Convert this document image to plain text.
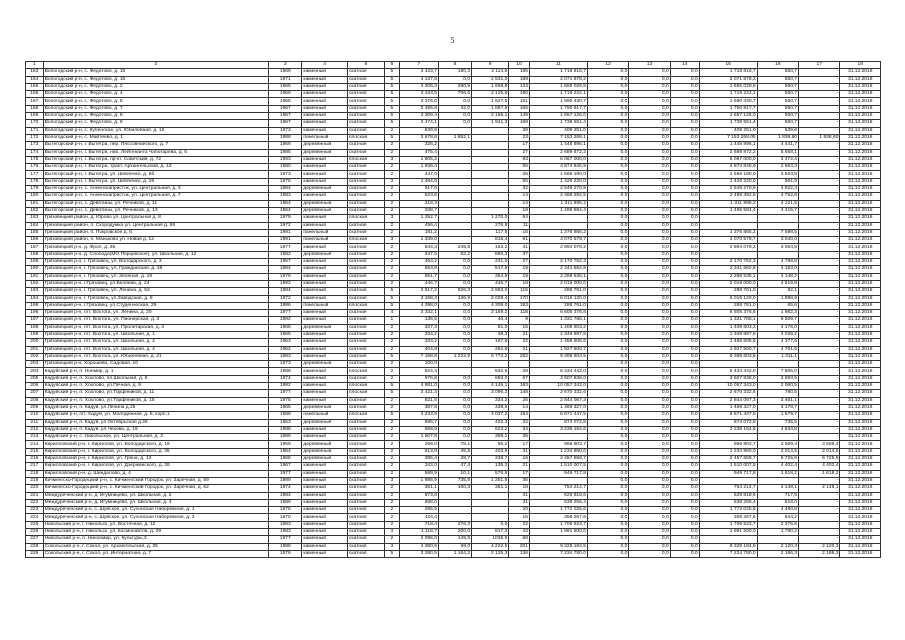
5
1	2	3	4	5	6	7	8	9	10	11	12	13	14	15	16	17	18
163	Вологодский р-н, с. Федотово, д. 15	1969	каменный	скатная	5	3 423,7	180,3	2 114,8	195	1 718 816,7	0,0	0,0	0,0	1 718 816,7	550,7	-	31.12.2016
164	Вологодский р-н, с. Федотово, д. 16	1971	каменный	скатная	5	4 137,8	0,0	2 531,0	189	2 071 878,2	0,0	0,0	0,0	2 071 878,2	550,7	-	31.12.2016
165	Вологодский р-н, с. Федотово, д. 2	1965	каменный	скатная	5	3 305,3	280,9	1 658,8	134	1 655 029,8	0,0	0,0	0,0	1 655 029,8	550,7	-	31.12.2016
166	Вологодский р-н, с. Федотово, д. 4	1969	каменный	скатная	5	3 433,5	706,6	2 125,8	180	1 719 222,1	0,0	0,0	0,0	1 719 222,1	550,7	-	31.12.2016
167	Вологодский р-н, с. Федотово, д. 5	1965	каменный	скатная	5	3 376,0	0,0	1 627,5	151	1 690 430,7	0,0	0,0	0,0	1 690 430,7	550,7	-	31.12.2016
168	Вологодский р-н, с. Федотово, д. 7	1967	каменный	скатная	5	3 496,8	42,0	1 867,8	165	1 750 917,7	0,0	0,0	0,0	1 750 917,7	550,7	-	31.12.2016
169	Вологодский р-н, с. Федотово, д. 8	1967	каменный	скатная	5	3 309,4	0,0	2 166,1	149	1 657 126,0	0,0	0,0	0,0	1 657 126,0	550,7	-	31.12.2016
170	Вологодский р-н, с. Федотово, д. 9	1967	каменный	скатная	5	3 474,1	0,0	1 941,3	169	1 739 551,4	0,0	0,0	0,0	1 739 551,4	550,7	-	31.12.2016
171	Вологодский р-н, с. Кубенское, ул. Юбилейная, д. 15	1973	каменный	скатная	2	639,9			38	409 251,0	0,0	0,0	0,0	409 251,0	639,6	-	31.12.2016
172	Вологодский р-н, с. Майтеево, д. 1	1988	панельный	плоская	5	3 678,6	1 852,1		23	7 153 268,1	0,0	0,0	0,0	7 153 268,05	1 838,60	1 838,60	31.12.2016
173	Вытегорский р-н, г. Вытегра, пер. Пяссовнаеского, д. 7	1969	деревянный	скатная	2	326,2			17	1 448 896,1	0,0	0,0	0,0	1 448 896,1	4 441,7	-	31.12.2016
174	Вытегорский р-н, г. Вытегра, наб. Лейтенанта Чаботарева, д. 5	1985	деревянный	скатная	2	475,4			27	2 689 872,2	0,0	0,0	0,0	2 689 872,2	5 658,1	-	31.12.2016
175	Вытегорский р-н, г. Вытегра, пр-кт. Советский, д. 72	1983	каменный	плоская	3	1 805,2			83	6 087 000,0	0,0	0,0	0,0	6 087 000,0	3 372,4	-	31.12.2016
176	Вытегорский р-н, г. Вытегра, тракт. Архангельский, д. 13	1980	каменный	скатная	2	1 836,4			55	4 874 845,9	0,0	0,0	0,0	4 874 845,9	2 663,3	-	31.12.2016
177	Вытегорский р-н, г. Вытегра, ул. Шевченко, д. 8б	1973	каменный	скатная	2	447,0			25	1 566 180,0	0,0	0,0	0,0	1 566 180,0	3 503,8	-	31.12.2016
178	Вытегорский р-н, г. Вытегра, ул. Шевченко, д. 26	1975	каменный	скатная	3	1 484,6			55	1 426 220,0	0,0	0,0	0,0	1 426 220,0	961,9	-	31.12.2016
179	Вытегорский р-н, с. Анненскапристок, ул. Центральная, д. 3	1984	деревянный	скатная	2	517,6			32	2 549 270,9	0,0	0,0	0,0	2 549 270,9	4 922,3	-	31.12.2016
180	Вытегорский р-н, с. Анненскапристок, ул. Центральная, д. 7	1983	каменный	скатная	2	523,6			14	2 488 392,5	0,0	0,0	0,0	2 488 392,5	4 752,6	-	31.12.2016
181	Вытегорский р-н, с. Девятины, ул. Речников, д. 11	1964	деревянный	скатная	2	318,3			14	1 311 995,2	0,0	0,0	0,0	1 311 995,2	4 121,5	-	31.12.2016
182	Вытегорский р-н, с. Девятины, ул. Речников, д. 13	1964	деревянный	скатная	2	338,7			18	1 495 584,4	0,0	0,0	0,0	1 495 584,4	4 415,7	-	31.12.2016
183	Грязовецкий район, д. Юрово ул. Центральная д. 8	1979	каменный	плоская	3	1 352,7		1 270,0	64		0,0	0,0	0,0			-	31.12.2016
184	Грязовецкий район, п. Скородумка ул. Центральная д. 59	1972	каменный	скатная	2	456,4		276,8	11		0,0	0,0	0,0			-	31.12.2016
185	Грязовецкий район, п. Покровское д. 6	1991	панельный	скатная	2	181,2		117,6	16	1 376 865,2	0,0	0,0	0,0	1 376 865,2	7 598,5	-	31.12.2016
186	Грязовецкий район, п. Маньково ул. Новая д. 12	1991	панельный	плоская	3	1 339,0		815,4	81	4 070 579,7	0,0	0,0	0,0	4 070 579,7	3 040,0	-	31.12.2016
187	Грязовецкий р-н, д. Фрол, д. 36	1977	каменный	скатная	2	944,3	249,8	153,2	41	2 894 078,2	0,0	0,0	0,0	2 894 078,2	3 064,8	-	31.12.2016
188	Грязовецкий р-н, д. Слобода(МО Перцевское), ул. Школьная, д. 12	1982	деревянный	скатная	2	347,5	62,2	865,3	37		0,0	0,0	0,0			-	31.12.2016
189	Грязовецкий р-н, г. Грязовец, ул. Володарского, д. 3	1957	каменный	скатная	2	453,2	0,0	231,0	27	2 170 752,3	0,0	0,0	0,0	2 170 752,3	4 789,8	-	31.12.2016
190	Грязовецкий р-н, г. Грязовец, ул. Гражданская, д. 26	1984	каменный	скатная	2	563,9	0,0	517,8	19	2 341 662,8	0,0	0,0	0,0	2 341 662,8	4 153,0	-	31.12.2016
191	Грязовецкий р-н, г. Грязовец, ул. Зеленая, д. 19	1976	каменный	скатная	2	551,7	0,0	354,8	19	2 288 535,1	0,0	0,0	0,0	2 288 535,1	4 148,2	-	31.12.2016
192	Грязовецкий р-н, г.Грязовец, ул.Беляева, д. 24	1992	каменный	скатная	2	446,7	0,0	445,7	18	2 019 000,0	0,0	0,0	0,0	2 019 000,0	4 519,8	-	31.12.2016
193	Грязовецкий р-н, г. Грязовец, ул. Ленина, д. 52	1984	каменный	скатная	5	3 517,2	826,3	2 683,0	115	288 761,0	0,0	0,0	0,0	288 761,0	82,1	-	31.12.2016
194	Грязовецкий р-н, г. Грязовец, ул.Заводская, д. 8	1972	каменный	скатная	5	3 168,3	136,9	3 028,4	170	6 016 120,0	0,0	0,0	0,0	6 016 120,0	1 898,9	-	31.12.2016
195	Грязовецкий р-н, г.Грязовец, ул.Студенческая, 29	1986	панельный	плоская	5	4 398,0	0,0	4 308,0	193	288 761,0	0,0	0,0	0,0	288 761,0	65,6	-	31.12.2016
196	Грязовецкий р-н, пгт. Вохтога, ул. Ленина, д. 20	1977	каменный	скатная	4	3 332,1	0,0	3 159,2	118	6 605 376,8	0,0	0,0	0,0	6 605 376,8	1 982,3	-	31.12.2016
197	Грязовецкий р-н, пгт. Вохтога, ул. Пионерская, д. 3	1992	каменный	скатная	1	136,5	0,0	40,4	9	1 331 766,1	0,0	0,0	0,0	1 331 766,1	9 509,7	-	31.12.2016
198	Грязовецкий р-н, пгт. Вохтога, ул. Пролетарская, д. 3	1966	деревянный	скатная	2	337,3	0,0	91,0	15	1 408 603,2	0,0	0,0	0,0	1 408 603,2	4 176,0	-	31.12.2016
199	Грязовецкий р-н, пгт. Вохтога, ул. Школьная, д. 1	1965	каменный	скатная	2	334,2	0,0	38,3	21	1 349 887,8	0,0	0,0	0,0	1 349 887,8	4 039,2	-	31.12.2016
200	Грязовецкий р-н, пгт. Вохтога, ул. Школьная, д. 2	1963	каменный	скатная	2	333,2	0,0	167,8	22	1 458 605,6	0,0	0,0	0,0	1 458 605,6	4 377,6	-	31.12.2016
201	Грязовецкий р-н, пгт. Вохтога, ул. Школьная, д. 4	1962	каменный	скатная	2	404,8	0,0	262,8	21	1 927 500,7	0,0	0,0	0,0	1 927 500,7	4 761,6	-	31.12.2016
202	Грязовецкий р-н, пгт. Вохтога, ул. Юбилейная, д. 21	1983	каменный	скатная	5	7 168,8	1 222,9	6 772,2	262	9 398 603,5	0,0	0,0	0,0	9 398 603,5	1 311,1	-	31.12.2016
203	Грязовецкий р-н, Хорошево, Садовая, 10	1973	деревянный	скатная	2	100,0					0,0	0,0	0,0			-	31.12.2016
204	Кадуйский р-н, п. Ноемир, д. 1	1988	каменный	плоская	2	824,4		532,5	28	6 434 442,0	0,0	0,0	0,0	6 434 442,0	7 805,0	-	31.12.2016
205	Кадуйский р-н, п. Хохлово, пл.Школьная, д. 8	1974	каменный	скатная	2	976,8	0,0	893,0	67	3 607 838,0	0,0	0,0	0,0	3 607 838,0	3 693,5	-	31.12.2016
206	Кадуйский р-н, п. Хохлово, ул.Печная, д. 9	1982	каменный	плоская	5	4 881,0	0,0	4 145,1	193	10 057 343,0	0,0	0,0	0,0	10 057 343,0	2 060,5	-	31.12.2016
207	Кадуйский р-н, п. Хохлово, ул.Торфяников, д. 11	1977	каменный	плоская	5	3 421,3	0,0	3 096,3	148	2 670 332,6	0,0	0,0	0,0	2 670 332,6	780,5	-	31.12.2016
208	Кадуйский р-н, п. Хохлово, ул.Торфяников, д. 15	1975	каменный	скатная	2	821,5	0,0	334,2	26	2 844 067,3	0,0	0,0	0,0	2 844 067,3	3 461,1	-	31.12.2016
209	Кадуйский р-н, п. Кадуй, ул.Ленина д.25	1965	деревянный	скатная	2	387,8	0,0	338,6	14	1 469 327,0	0,0	0,0	0,0	1 469 327,0	3 178,7	-	31.12.2016
210	Кадуйский р-н, пгт. Кадуй, ул. Молодежная, д. 8, корп.1	1988	панельный	плоская	5	4 233,9	0,0	4 037,2	194	6 671 447,5	0,0	0,0	0,0	6 671 447,5	1 575,7	-	31.12.2016
211	Кадуйский р-н, п. Кадуй, ул.Октябрьская д.26	1953	деревянный	скатная	2	685,7	0,0	402,3	32	874 072,8	0,0	0,0	0,0	874 072,8	735,5	-	31.12.2016
212	Кадуйский р-н, п. Кадуй, ул.Чехова, д. 19	1988	каменный	скатная	2	669,9	0,0	623,2	34	3 238 154,6	0,0	0,0	0,0	3 238 154,6	4 833,8	-	31.12.2016
213	Кадуйский р-н, с. Никольское, ул. Центральная, д. 3	1986	каменный	скатная	2	1 507,8	0,0	358,1	35		0,0	0,0	0,0			-	31.12.2016
214	Кирилловский р-н, г. Кириллов, ул. Володарского, д. 19	1959	деревянный	скатная	2	268,0	78,1	95,2	17	956 903,7	0,0	0,0	0,0	956 903,7	3 569,4	3 569,4	31.12.2016
215	Кирилловский р-н, г. Кириллов, ул. Володарского, д. 36	1964	деревянный	скатная	2	613,0	45,8	403,9	31	1 234 860,0	0,0	0,0	0,0	1 234 860,0	2 014,5	2 014,5	31.12.2016
216	Кирилловский р-н, г. Кириллов, ул. Гряна, д. 13	1968	деревянный	скатная	2	385,4	28,7	338,7	16	2 457 659,7	0,0	0,0	0,0	2 457 659,7	6 725,9	6 725,9	31.12.2016
217	Кирилловский р-н, г. Кириллов, ул. Дзержинского, д. 26	1967	каменный	скатная	2	343,0	47,4	135,3	21	1 510 007,5	0,0	0,0	0,0	1 510 007,5	4 402,4	4 402,4	31.12.2016
218	Кирилловский р-н, д. Шиндалово, д. 4	1977	каменный	скатная	2	589,9	10,1	576,8	17	949 717,8	0,0	0,0	0,0	949 717,8	1 618,2	1 618,2	31.12.2016
219	Кичменгско-Городецкий р-н, с. Кичменгский Городок, ул. Заречная, д. 59	1989	каменный	скатная	3	1 985,9	735,8	1 251,9	36		0,0	0,0	0,0			-	31.12.2016
220	Кичменгско-Городецкий р-н, с. Кичменгский Городок, ул. Заречная, д. 62	1974	каменный	скатная	2	351,1	100,3	351,1	18	754 214,7	0,0	0,0	0,0	754 214,7	2 148,1	2 148,1	31.12.2016
221	Междуреченский р-н, д. Игумницево, ул. Школьная, д. 2	1984	каменный	скатная	2	873,6			41	629 818,6	0,0	0,0	0,0	629 818,6	717,5	-	31.12.2016
222	Междуреченский р-н, д. Игумницево, ул. Школьная, д. 4	1989	каменный	скатная	2	668,0			31	538 256,4	0,0	0,0	0,0	538 256,4	818,0	-	31.12.2016
223	Междуреченский р-н, с. Шуйское, ул. Сухонская Набережная, д. 1	1975	каменный	скатная	2	295,5			20	1 772 025,6	0,0	0,0	0,0	1 772 025,6	4 480,8	-	31.12.2016
224	Междуреченский р-н, с. Шуйское, ул. Сухонская Набережная, д. 3	1970	каменный	скатная	2	424,4			16	358 267,6	0,0	0,0	0,0	358 267,6	844,2	-	31.12.2016
225	Никольский р-н, г. Никольск, ул. Восточная, д. 12	1983	каменный	скатная	2	718,4	276,3	0,0	22	1 706 523,7	0,0	0,0	0,0	1 706 523,7	2 375,5	-	31.12.2016
226	Никольский р-н, г. Никольск, ул. Космонавтов, д. 29	1983	каменный	скатная	3	1 118,7	200,0	817,3	43	1 991 500,0	0,0	0,0	0,0	1 991 500,0	1 780,2	-	31.12.2016
227	Никольский р-н, п. Ниноемир, ул. Культуры,3	1977	каменный	скатная	2	2 096,0	149,8	1036,9	68		0,0	0,0	0,0			-	31.12.2016
228	Сокольский р-н, г. Сокол, ул. Архангельская, д. 35	1988	каменный	скатная	3	4 380,5	69,0	4 222,5	201	9 328 194,5	0,0	0,0	0,0	9 328 194,5	2 120,3	2 120,3	31.12.2016
229	Сокольский р-н, г. Сокол, ул. Интернатная, д. 7	1976	каменный	скатная	5	3 280,5	1 164,2	2 125,3	136	7 234 780,0	0,0	0,0	0,0	7 224 780,0	2 186,3	2 186,3	31.12.2016
